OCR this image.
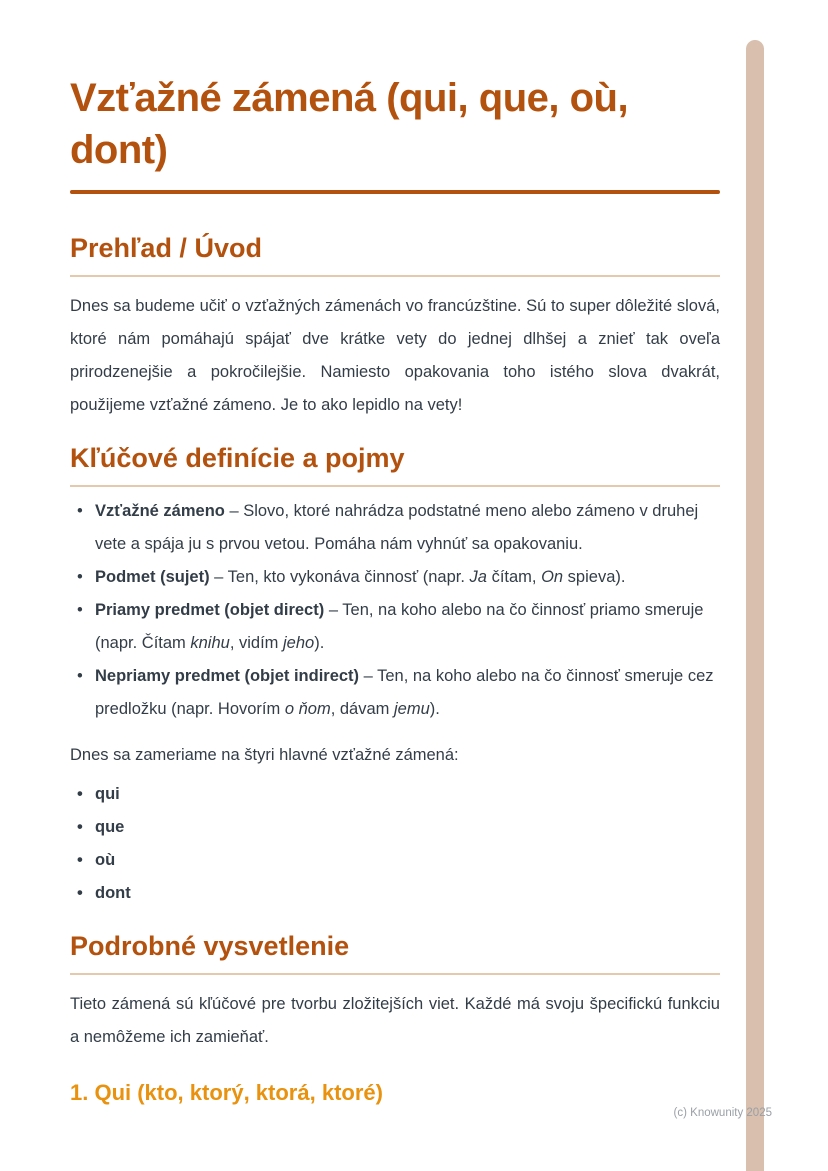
Vzťažné zámená (qui, que, où, dont)
Prehľad / Úvod

Dnes sa budeme učiť o vzťažných zámenách vo francúzštine. Sú to super dôležité slová, ktoré nám pomáhajú spájať dve krátke vety do jednej dlhšej a znieť tak oveľa prirodzenejšie a pokročilejšie. Namiesto opakovania toho istého slova dvakrát, použijeme vzťažné zámeno. Je to ako lepidlo na vety!

Kľúčové definície a pojmy
• Vzťažné zámeno – Slovo, ktoré nahrádza podstatné meno alebo zámeno v druhej vete a spája ju s prvou vetou. Pomáha nám vyhnúť sa opakovaniu.
• Podmet (sujet) – Ten, kto vykonáva činnosť (napr. Ja čítam, On spieva).
• Priamy predmet (objet direct) – Ten, na koho alebo na čo činnosť priamo smeruje (napr. Čítam knihu, vidím jeho).
• Nepriamy predmet (objet indirect) – Ten, na koho alebo na čo činnosť smeruje cez predložku (napr. Hovorím o ňom, dávam jemu).

Dnes sa zameriame na štyri hlavné vzťažné zámená:

• qui
• que
• où
• dont
Podrobné vysvetlenie

Tieto zámená sú kľúčové pre tvorbu zložitejších viet. Každé má svoju špecifickú funkciu a nemôžeme ich zamieňať.

1. Qui (kto, ktorý, ktorá, ktoré)
(c) Knowunity 2025
